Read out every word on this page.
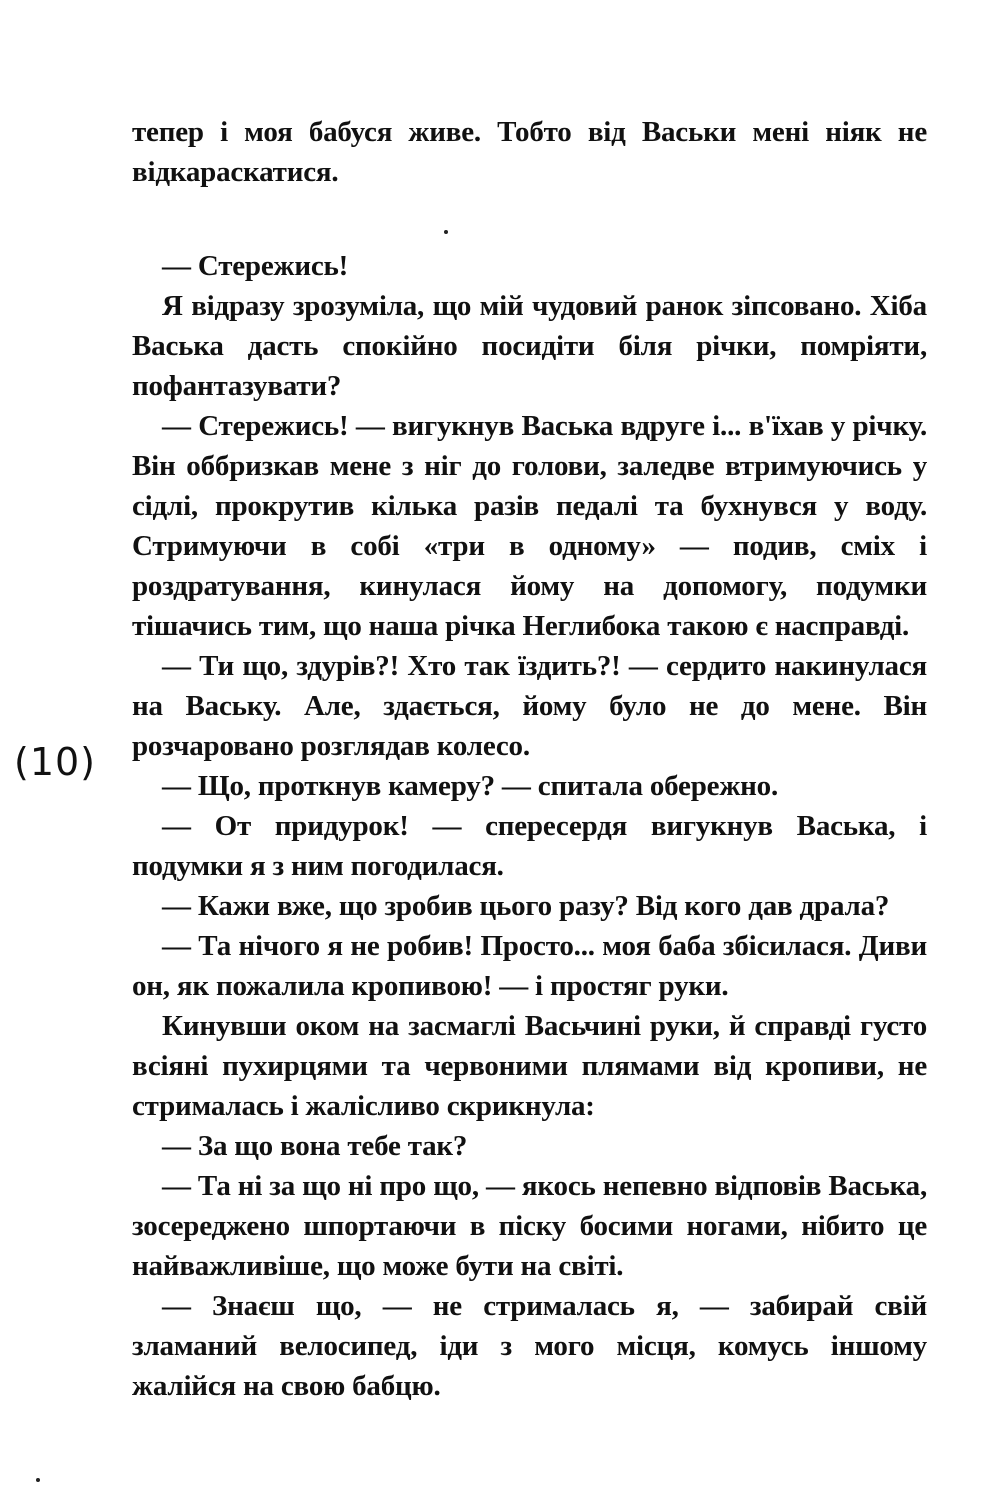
тепер і моя бабуся живе. Тобто від Васьки мені ніяк не відкараскатися.

— Стережись!

Я відразу зрозуміла, що мій чудовий ранок зіпсовано. Хіба Васька дасть спокійно посидіти біля річки, помріяти, пофантазувати?

— Стережись! — вигукнув Васька вдруге і... в'їхав у річку. Він оббризкав мене з ніг до голови, заледве втримуючись у сідлі, прокрутив кілька разів педалі та бухнувся у воду. Стримуючи в собі «три в одному» — подив, сміх і роздратування, кинулася йому на допомогу, подумки тішачись тим, що наша річка Неглибока такою є насправді.

— Ти що, здурів?! Хто так їздить?! — сердито накинулася на Ваську. Але, здається, йому було не до мене. Він розчаровано розглядав колесо.

— Що, проткнув камеру? — спитала обережно.

— От придурок! — спересердя вигукнув Васька, і подумки я з ним погодилася.

— Кажи вже, що зробив цього разу? Від кого дав драла?

— Та нічого я не робив! Просто... моя баба збісилася. Диви он, як пожалила кропивою! — і простяг руки.

Кинувши оком на засмаглі Васьчині руки, й справді густо всіяні пухирцями та червоними плямами від кропиви, не стрималась і жалісливо скрикнула:

— За що вона тебе так?

— Та ні за що ні про що, — якось непевно відповів Васька, зосереджено шпортаючи в піску босими ногами, нібито це найважливіше, що може бути на світі.

— Знаєш що, — не стрималась я, — забирай свій зламаний велосипед, іди з мого місця, комусь іншому жалійся на свою бабцю.

(10)
